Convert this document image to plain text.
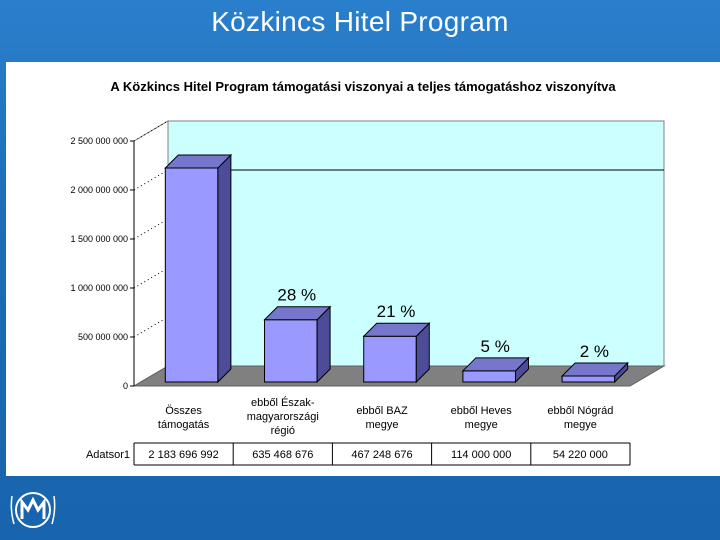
Közkincs Hitel Program
A Közkincs Hitel Program támogatási viszonyai a teljes támogatáshoz viszonyítva
0
500 000 000
1 000 000 000
1 500 000 000
2 000 000 000
2 500 000 000
28 %
21 %
5 %	2 %
Összes
támogatás
ebből Észak-
magyarországi
régió
ebből BAZ
megye
ebből Heves
megye
ebből Nógrád
megye
Adatsor1 2 183 696 992	635 468 676	467 248 676	114 000 000	54 220 000
